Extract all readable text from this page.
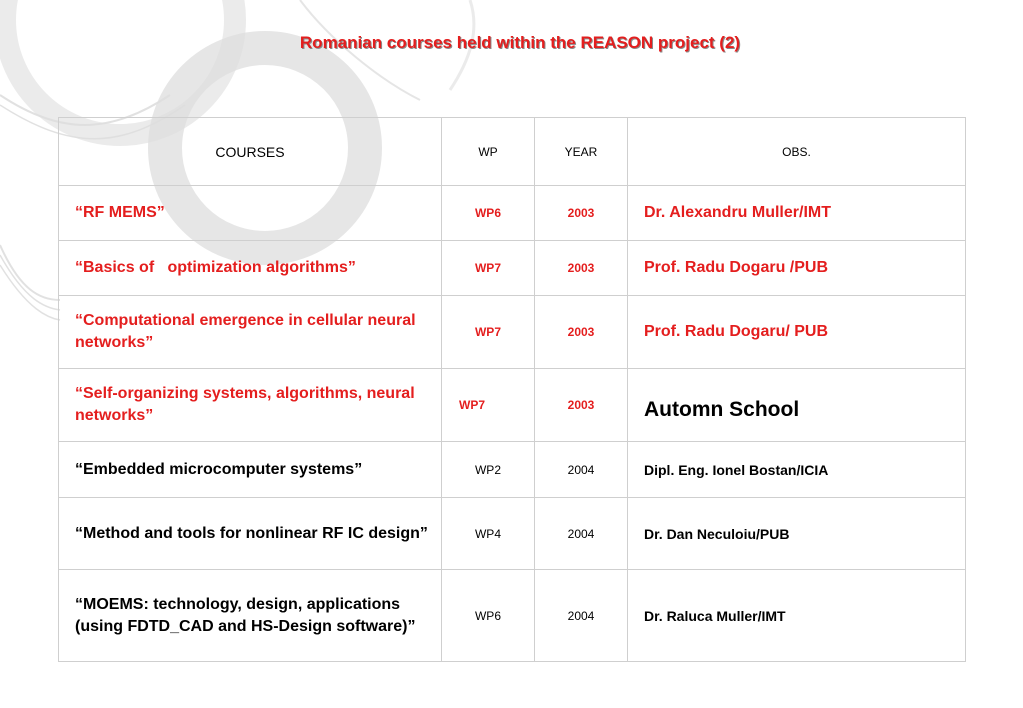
Romanian courses held within the REASON project (2)
COURSES	WP	YEAR	OBS.
“RF MEMS”	WP6	2003	Dr. Alexandru Muller/IMT
“Basics of   optimization algorithms”	WP7	2003	Prof. Radu Dogaru /PUB
“Computational emergence in cellular neural networks”	WP7	2003	Prof. Radu Dogaru/ PUB
“Self-organizing systems, algorithms, neural networks”	WP7	2003	Automn School
“Embedded microcomputer systems”	WP2	2004	Dipl. Eng. Ionel Bostan/ICIA
“Method and tools for nonlinear RF IC design”	WP4	2004	Dr. Dan Neculoiu/PUB
“MOEMS: technology, design, applications (using FDTD_CAD and HS-Design software)”	WP6	2004	Dr. Raluca Muller/IMT
